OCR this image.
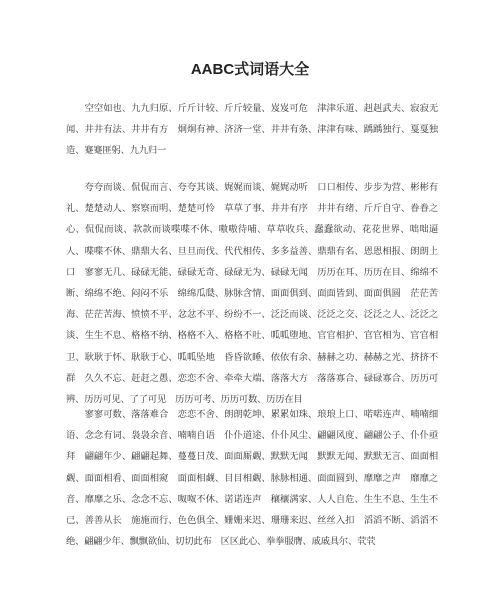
AABC式词语大全
空空如也、九九归原、斤斤计较、斤斤较量、岌岌可危　津津乐道、赳赳武夫、寂寂无闻、井井有法、井井有方　炯炯有神、济济一堂、井井有条、津津有味、踽踽独行、戛戛独造、蹇蹇匪躬、九九归一
夸夸而谈、侃侃而言、夸夸其谈、娓娓而谈、娓娓动听　口口相传、步步为营、彬彬有礼、楚楚动人、察察而明、楚楚可怜　草草了事、井井有序　井井有绪、斤斤自守、眷眷之心、侃侃而谈、款款而谈喋喋不休、嗷嗷待哺、草草收兵、蠢蠢欲动、花花世界、咄咄逼人、喋喋不休、鼎鼎大名、旦旦而伐、代代相传、多多益善、鼎鼎有名、恩恩相报、朗朗上口　寥寥无几、碌碌无能、碌碌无奇、碌碌无为、碌碌无闻　历历在耳、历历在目、绵绵不断、绵绵不绝、闷闷不乐　绵绵瓜瓞、脉脉含情、面面俱到、面面皆到、面面俱圆　茫茫苦海、茫茫苦海、愤愤不平、忿忿不平、纷纷不一、泛泛而谈、泛泛之交、泛泛之人、泛泛之谈、生生不息、格格不纳、格格不入、格格不吐、呱呱堕地、官官相护、官官相为、官官相卫、耿耿于怀、耿耿于心、呱呱坠地　昏昏欲睡、依依有余、赫赫之功、赫赫之光、挤挤不群　久久不忘、赶赶之愚、恋恋不舍、牵牵大端、落落大方　落落寡合、碌碌寡合、历历可辨、历历可见、了了可见　历历可考、历历可数、历历在目
寥寥可数、落落难合　恋恋不舍、朗朗乾坤、累累如珠、琅琅上口、喏喏连声、喃喃细语、念念有词、袅袅余音、喃喃自语　仆仆道途、仆仆风尘、翩翩风度、翩翩公子、仆仆亟拜　翩翩年少、翩翩起舞、蔓蔓日茂、面面厮觑、默默无闻　默默无闻、默默无言、面面相觑、面面相看、面面相窥　面面相觑、目目相觑、脉脉相通、面面圆到、靡靡之声　靡靡之音、靡靡之乐、念念不忘、呶呶不休、诺诺连声　穰穰满家、人人自危、生生不息、生生不已、善善从长　施施而行、色色俱全、姗姗来迟、珊珊来迟、丝丝入扣　滔滔不断、滔滔不绝、翩翩少年、飘飘欲仙、切切此布　区区此心、拳拳服膺、戚戚具尔、茕茕
